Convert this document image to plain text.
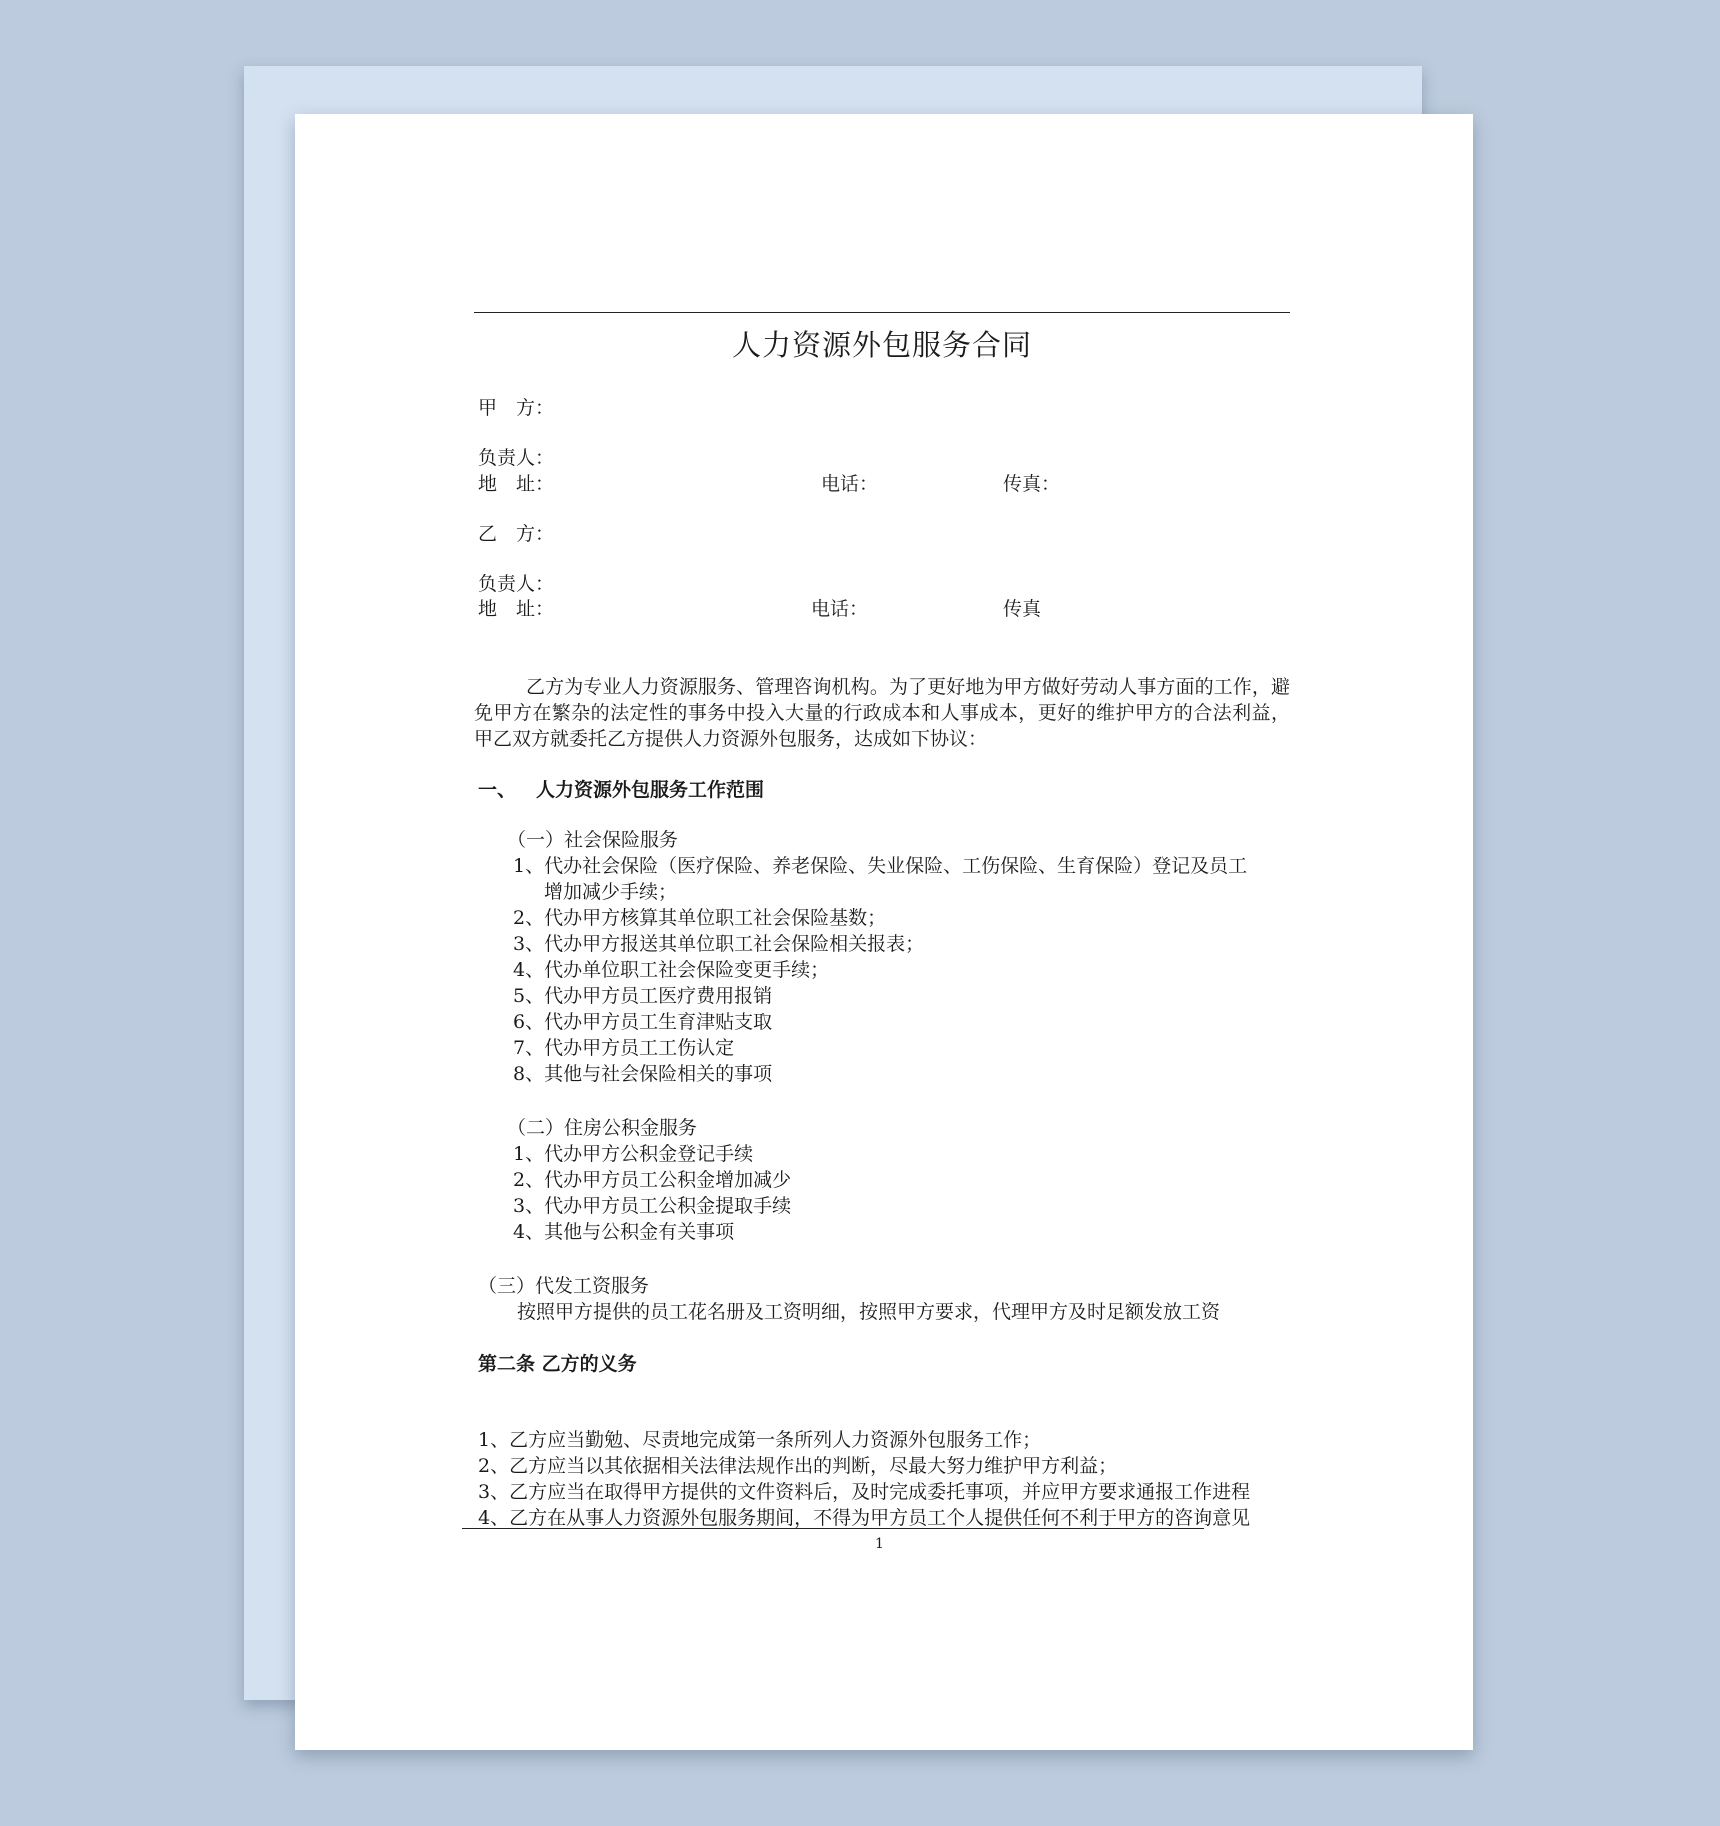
人力资源外包服务合同
甲　方：
负责人：
地　址：	电话：	传真：
乙　方：
负责人：
地　址：	电话：	传真
乙方为专业人力资源服务、管理咨询机构。为了更好地为甲方做好劳动人事方面的工作，避免甲方在繁杂的法定性的事务中投入大量的行政成本和人事成本，更好的维护甲方的合法利益，甲乙双方就委托乙方提供人力资源外包服务，达成如下协议：
一、 人力资源外包服务工作范围
（一）社会保险服务
1、代办社会保险（医疗保险、养老保险、失业保险、工伤保险、生育保险）登记及员工
增加减少手续；
2、代办甲方核算其单位职工社会保险基数；
3、代办甲方报送其单位职工社会保险相关报表；
4、代办单位职工社会保险变更手续；
5、代办甲方员工医疗费用报销
6、代办甲方员工生育津贴支取
7、代办甲方员工工伤认定
8、其他与社会保险相关的事项
（二）住房公积金服务
1、代办甲方公积金登记手续
2、代办甲方员工公积金增加减少
3、代办甲方员工公积金提取手续
4、其他与公积金有关事项
（三）代发工资服务
按照甲方提供的员工花名册及工资明细，按照甲方要求，代理甲方及时足额发放工资
第二条 乙方的义务
1、乙方应当勤勉、尽责地完成第一条所列人力资源外包服务工作；
2、乙方应当以其依据相关法律法规作出的判断，尽最大努力维护甲方利益；
3、乙方应当在取得甲方提供的文件资料后，及时完成委托事项，并应甲方要求通报工作进程
4、乙方在从事人力资源外包服务期间，不得为甲方员工个人提供任何不利于甲方的咨询意见
1
